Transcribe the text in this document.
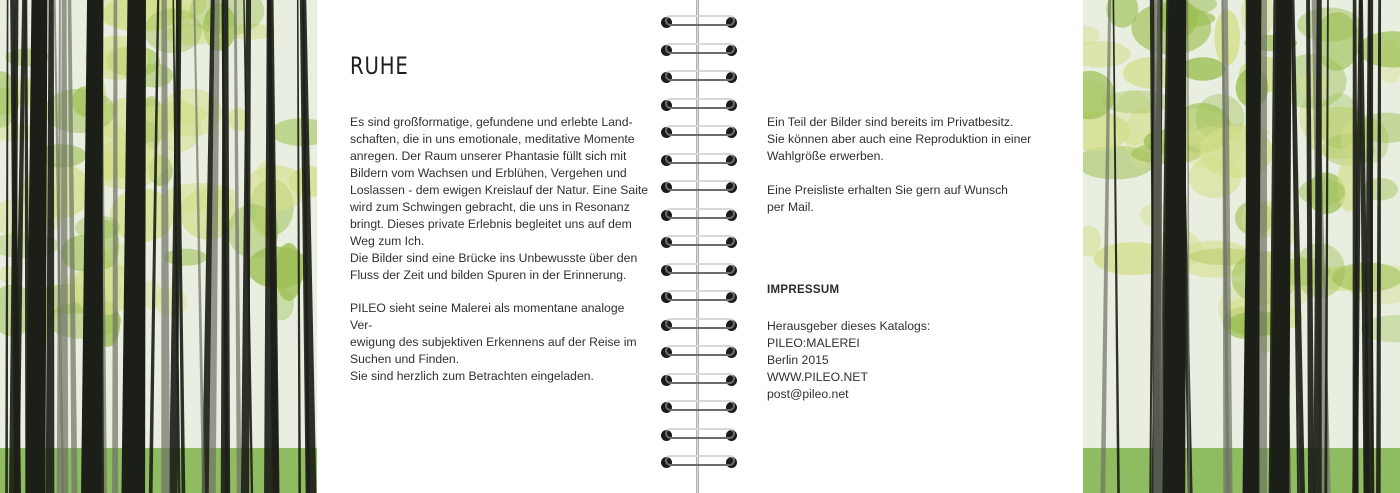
RUHE

Es sind großformatige, gefundene und erlebte Land-
schaften, die in uns emotionale, meditative Momente
anregen. Der Raum unserer Phantasie füllt sich mit
Bildern vom Wachsen und Erblühen, Vergehen und
Loslassen - dem ewigen Kreislauf der Natur. Eine Saite
wird zum Schwingen gebracht, die uns in Resonanz
bringt. Dieses private Erlebnis begleitet uns auf dem
Weg zum Ich.
Die Bilder sind eine Brücke ins Unbewusste über den
Fluss der Zeit und bilden Spuren in der Erinnerung.

PILEO sieht seine Malerei als momentane analoge Ver-
ewigung des subjektiven Erkennens auf der Reise im
Suchen und Finden.
Sie sind herzlich zum Betrachten eingeladen.

Ein Teil der Bilder sind bereits im Privatbesitz.
Sie können aber auch eine Reproduktion in einer
Wahlgröße erwerben.

Eine Preisliste erhalten Sie gern auf Wunsch
per Mail.

IMPRESSUM
Herausgeber dieses Katalogs:
PILEO:MALEREI
Berlin 2015
WWW.PILEO.NET
post@pileo.net
